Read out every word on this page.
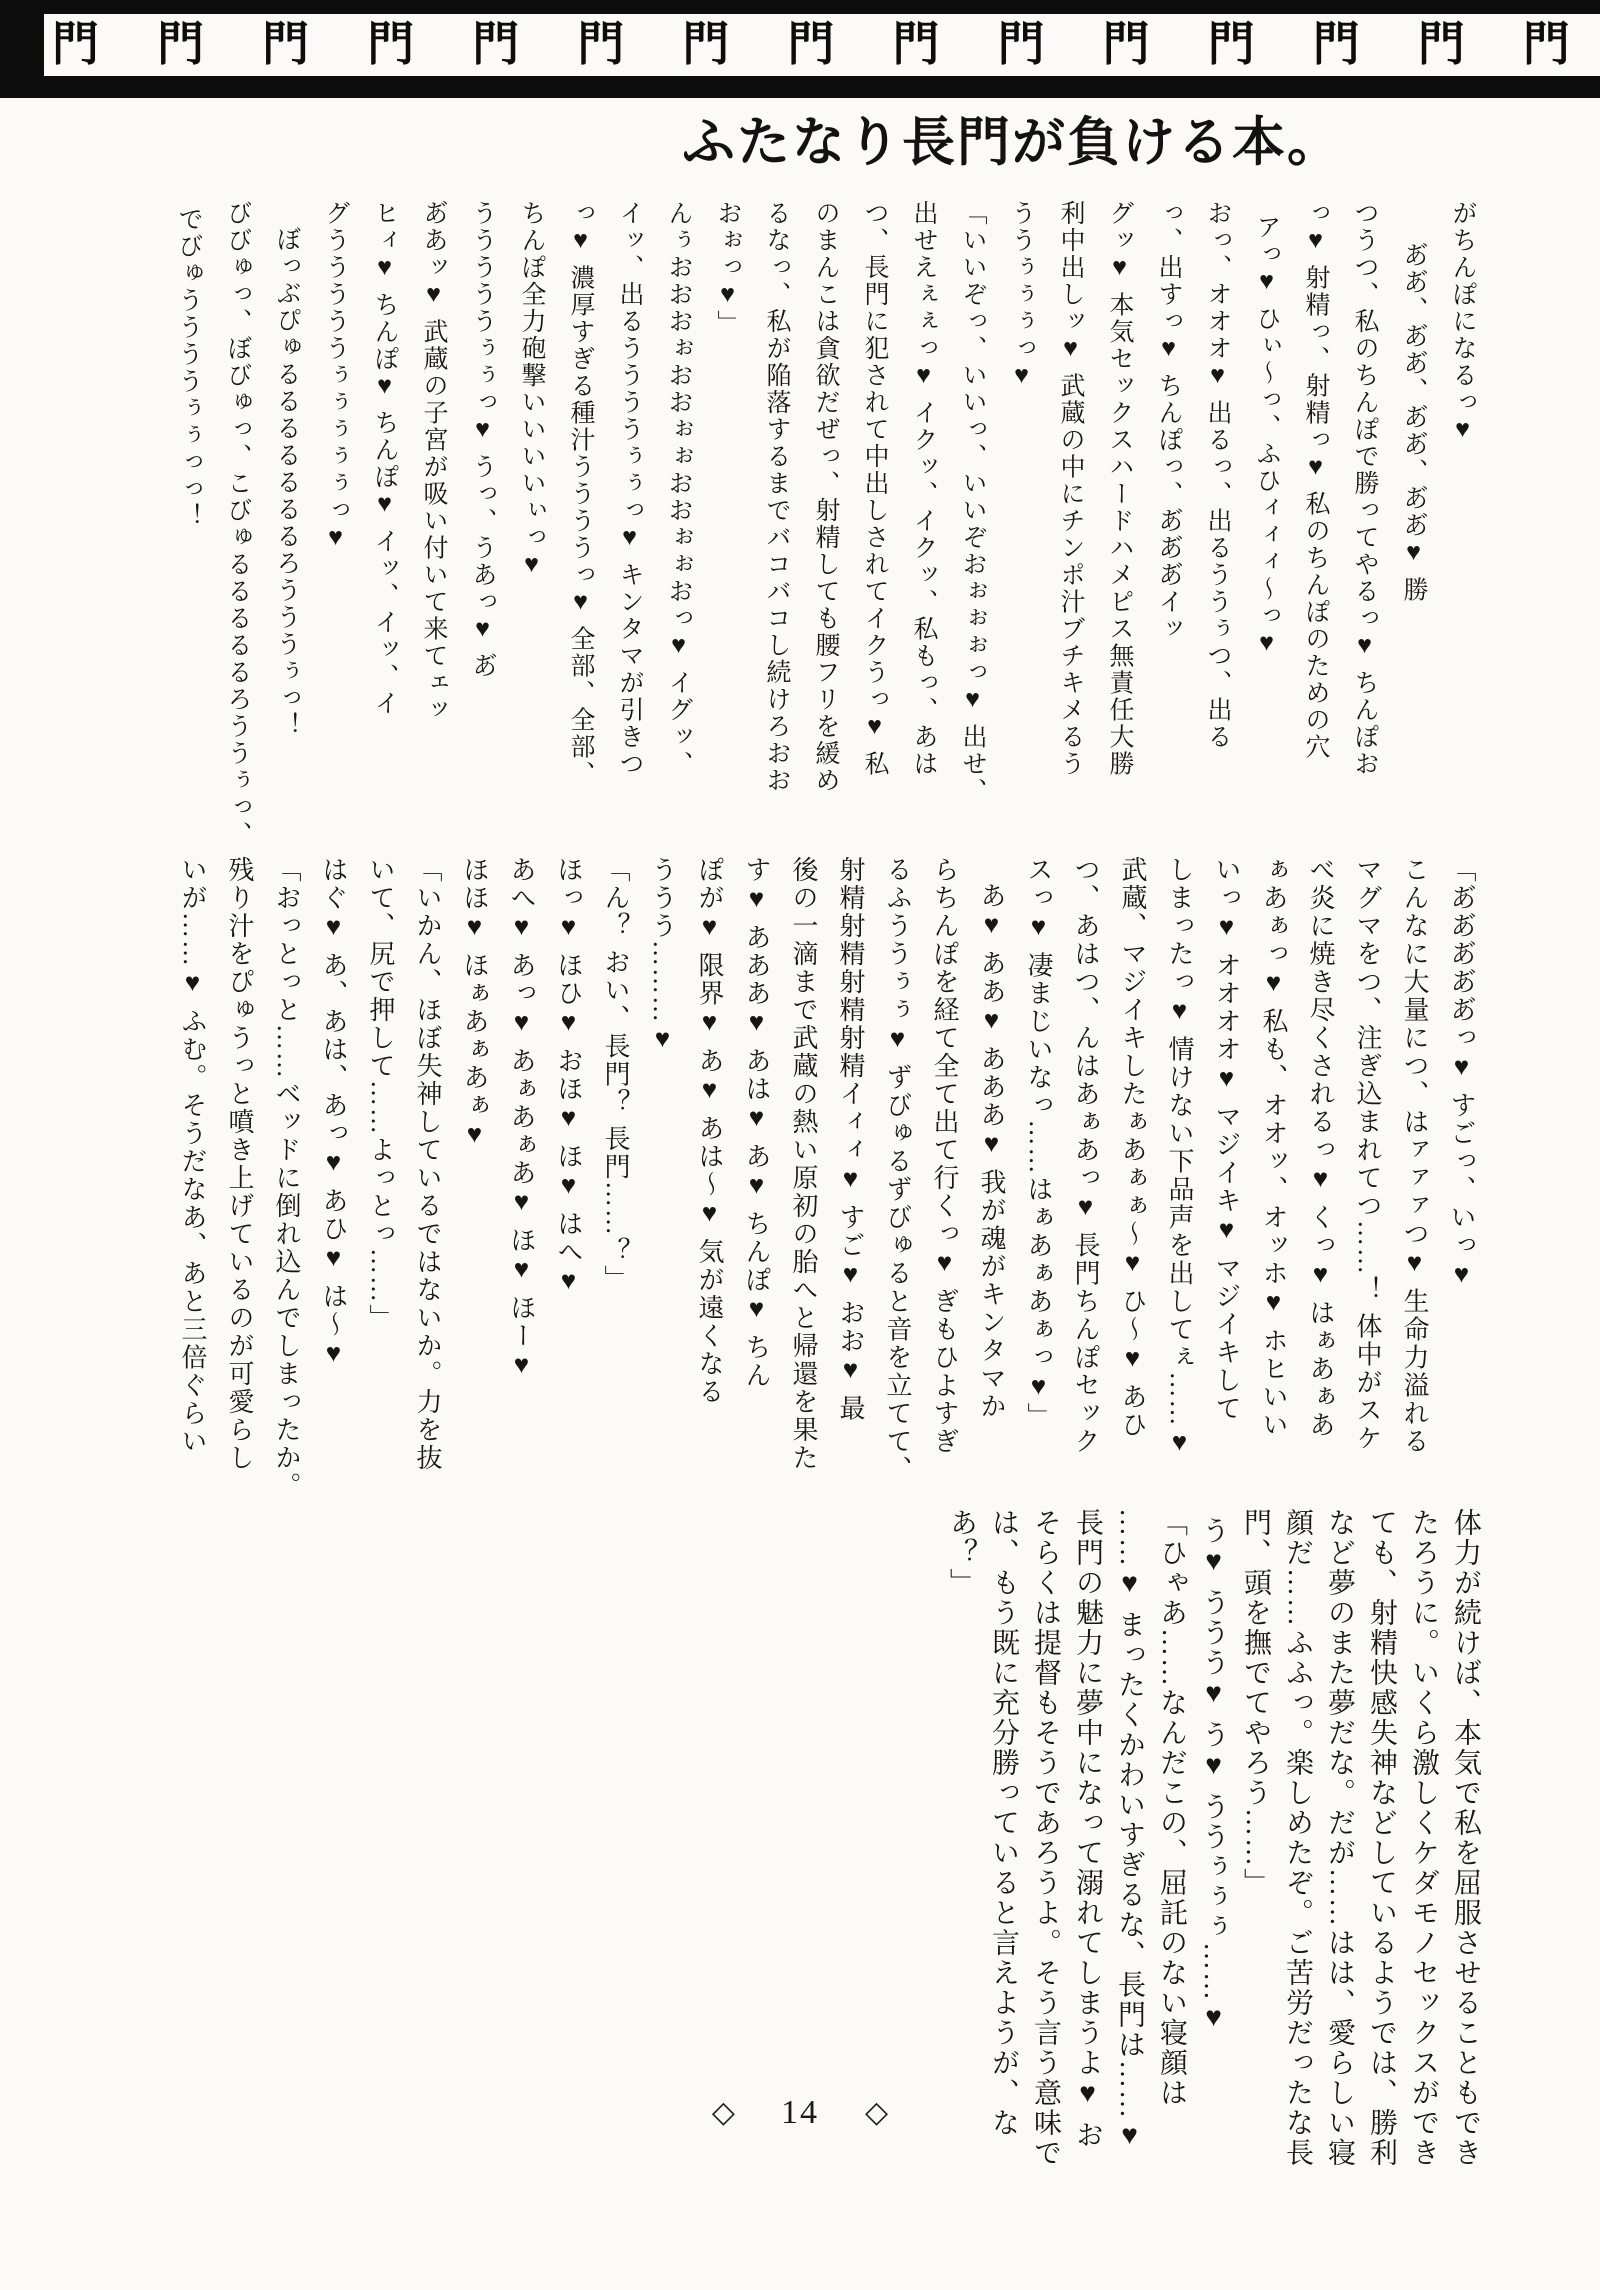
門 門 門 門 門 門 門 門 門 門 門 門 門 門 門
ふたなり長門が負ける本。
がちんぽになるっ♥
あ゙あ゙、あ゙あ゙、あ゙あ゙、あ゙あ゙♥ 勝
つうつ、私のちんぽで勝ってやるっ♥ ちんぽお
っ♥ 射精っ、射精っ♥ 私のちんぽのための穴
アっ♥ ひぃ〜っ、ふひィィィ〜っ♥
おっ、オオオ♥ 出るっ、出るううぅつ、出る
っ、出すっ♥ ちんぽっ、あ゙あ゙あ゙イッ
グッ♥ 本気セックスハードハメピス無責任大勝
利中出しッ♥ 武蔵の中にチンポ汁ブチキメるう
ううぅぅぅっ♥
「いいぞっ、いいっ、いいぞおぉぉぉっ♥ 出せ、
出せえぇぇっ♥ イクッ、イクッ、私もっ、あは
つ、長門に犯されて中出しされてイクうっ♥ 私
のまんこは貪欲だぜっ、射精しても腰フリを緩め
るなっ、私が陥落するまでバコバコし続けろおお
おぉっ♥」
んぅおおおぉおおぉぉおおぉぉおっ♥ イグッ、
イッ、出るううううぅぅっ♥ キンタマが引きつ
っ♥ 濃厚すぎる種汁ううううっ♥ 全部、全部、
ちんぽ全力砲撃いいいいぃっ♥
うううううぅぅっ♥ うっ、うあっ♥ あ゙
あ゙あッ♥ 武蔵の子宮が吸い付いて来てェッ
ヒィ♥ ちんぽ♥ ちんぽ♥ イッ、イッ、イ
グうううううぅぅぅぅぅっ♥
ぼっぶぴゅるるるるるるるろうううぅっ！
びびゅっ、ぼびゅっ、こびゅるるるるるろううぅっ、
でびゅううううぅぅっっ！
「あ゙あ゙あ゙あ゙あ゙っ♥ すごっ、いっ♥
こんなに大量につ、はァァァつ♥ 生命力溢れる
マグマをつ、注ぎ込まれてつ……！ 体中がスケ
べ炎に焼き尽くされるっ♥ くっ♥ はぁあぁあ
ぁあぁっ♥ 私も、オオッ、オッホ♥ ホヒいい
いっ♥ オオオオ♥ マジイキ♥ マジイキして
しまったっ♥ 情けない下品声を出してぇ……♥
武蔵、マジイキしたぁあぁぁ〜♥ ひ〜♥ あひ
つ、あはつ、んはあぁあっ♥ 長門ちんぽセック
スっ♥ 凄まじいなっ……はぁあぁあぁっ♥」
あ♥ ああ♥ あああ♥ 我が魂がキンタマか
らちんぽを経て全て出て行くっ♥ ぎもひよすぎ
るふううぅぅ♥ ずびゅるずびゅると音を立てて、
射精射精射精射精イィィ♥ すご♥ おお♥ 最
後の一滴まで武蔵の熱い原初の胎へと帰還を果た
す♥ あああ♥ あは♥ あ♥ ちんぽ♥ ちん
ぽが♥ 限界♥ あ♥ あは〜♥ 気が遠くなる
ううう………♥
「ん？ おい、長門？ 長門……？」
ほっ♥ ほひ♥ おほ♥ ほ♥ はへ♥
あへ♥ あっ♥ あぁあぁあ♥ ほ♥ ほー♥
ほほ♥ ほぁあぁあぁ♥
「いかん、ほぼ失神しているではないか。力を抜
いて、尻で押して……よっとっ……」
はぐ♥ あ、あは、あっ♥ あひ♥ は〜♥
「おっとっと……ベッドに倒れ込んでしまったか。
残り汁をぴゅうっと噴き上げているのが可愛らし
いが……♥ ふむ。そうだなあ、あと三倍ぐらい
体力が続けば、本気で私を屈服させることもでき
たろうに。いくら激しくケダモノセックスができ
ても、射精快感失神などしているようでは、勝利
など夢のまた夢だな。だが……はは、愛らしい寝
顔だ……ふふっ。楽しめたぞ。ご苦労だったな長
門、頭を撫でてやろう……」
う♥ ううう♥ う♥ ううぅぅぅ……♥
「ひゃあ……なんだこの、屈託のない寝顔は
……♥ まったくかわいすぎるな、長門は……♥
長門の魅力に夢中になって溺れてしまうよ♥ お
そらくは提督もそうであろうよ。そう言う意味で
は、もう既に充分勝っていると言えようが、な
あ？」
◇ 14 ◇
